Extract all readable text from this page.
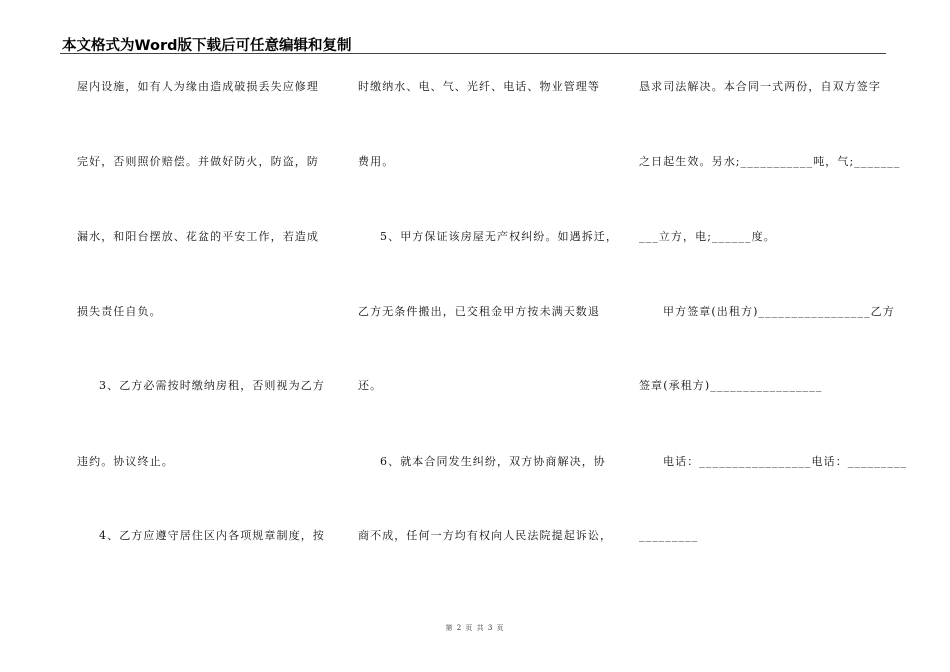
本文格式为Word版下载后可任意编辑和复制
屋内设施，如有人为缘由造成破损丢失应修理
完好，否则照价赔偿。并做好防火，防盗，防
漏水，和阳台摆放、花盆的平安工作，若造成
损失责任自负。
3、乙方必需按时缴纳房租，否则视为乙方
违约。协议终止。
4、乙方应遵守居住区内各项规章制度，按
时缴纳水、电、气、光纤、电话、物业管理等
费用。
5、甲方保证该房屋无产权纠纷。如遇拆迁，
乙方无条件搬出，已交租金甲方按未满天数退
还。
6、就本合同发生纠纷，双方协商解决，协
商不成，任何一方均有权向人民法院提起诉讼，
恳求司法解决。本合同一式两份，自双方签字
之日起生效。另水;___________吨，气;_______
___立方，电;______度。
甲方签章(出租方)_________________乙方
签章(承租方)_________________
电话：_________________电话：_________
_________
第 2 页 共 3 页
